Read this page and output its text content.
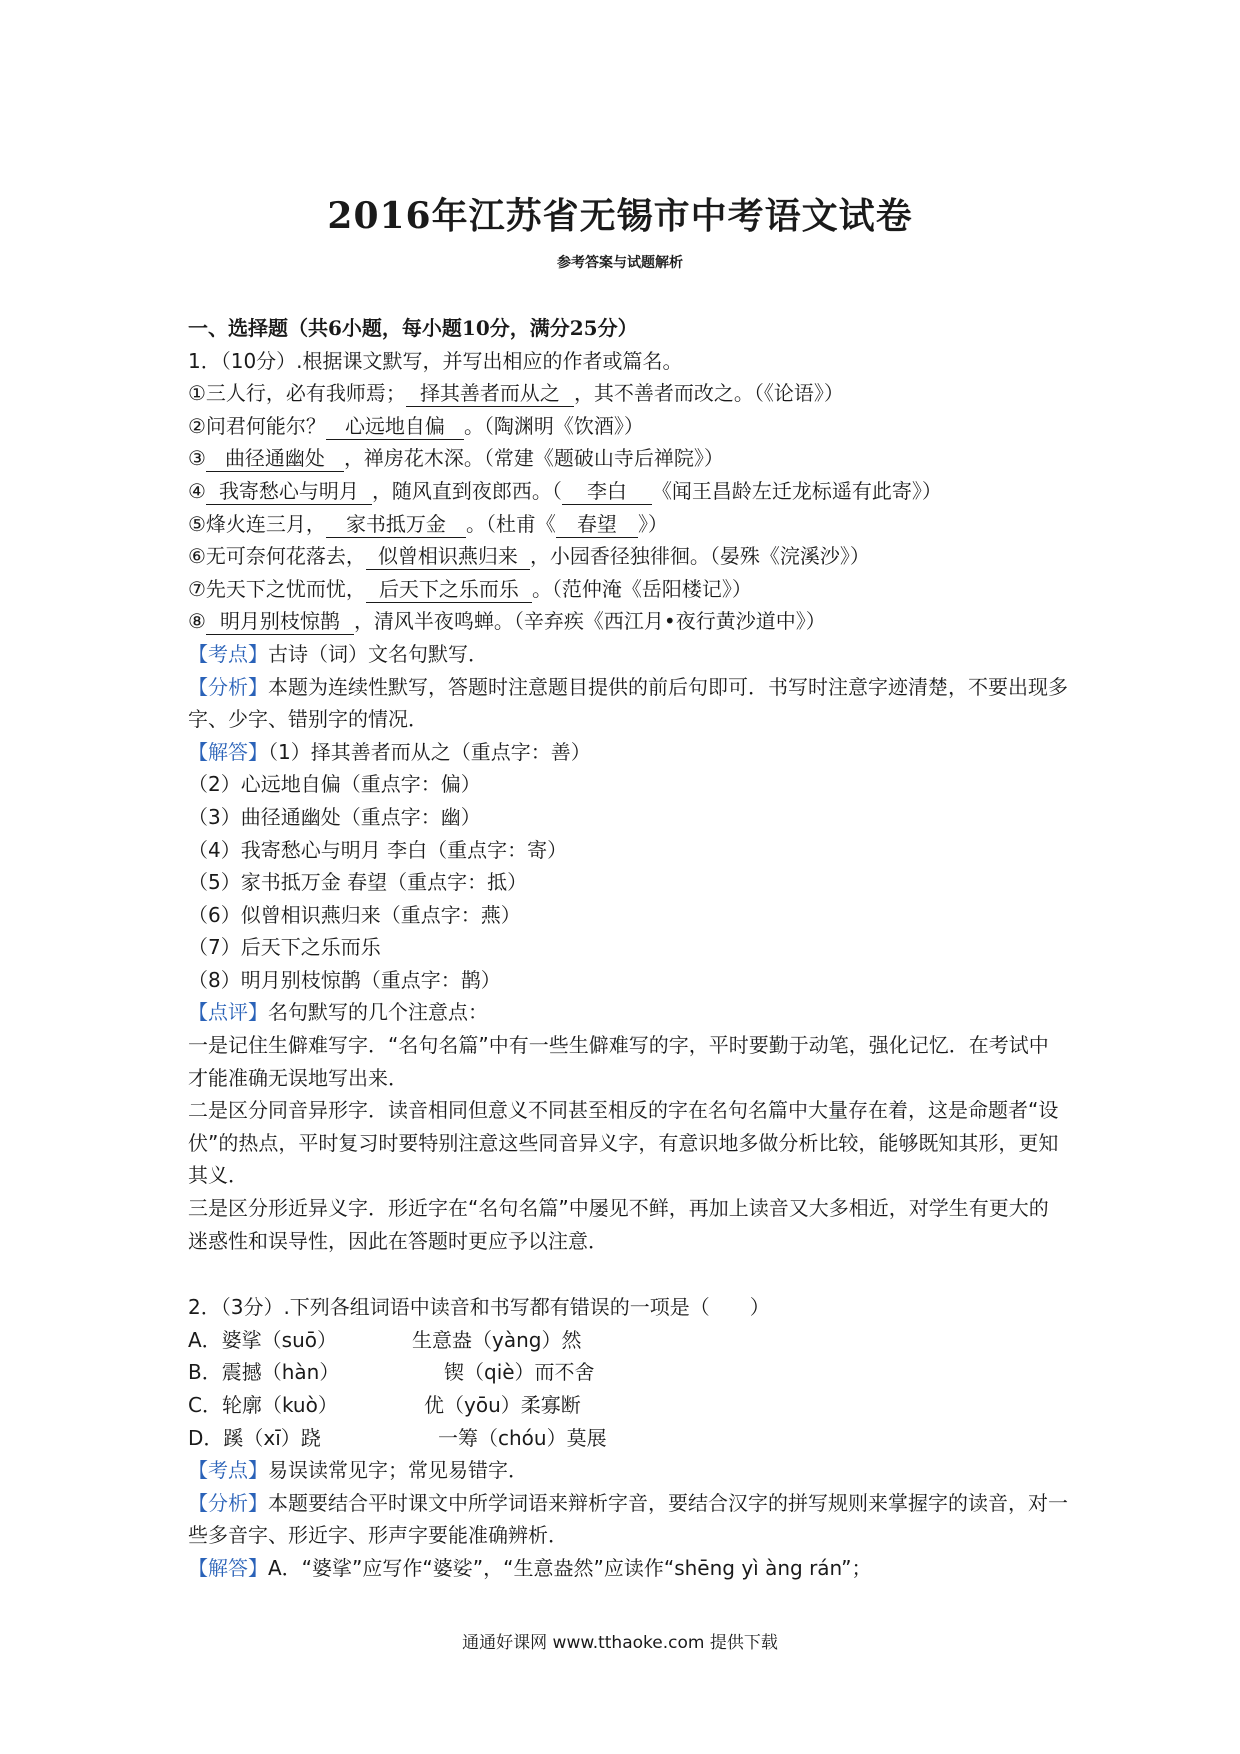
2016年江苏省无锡市中考语文试卷
参考答案与试题解析
一、选择题（共6小题，每小题10分，满分25分）
1．（10分）.根据课文默写，并写出相应的作者或篇名。
①三人行，必有我师焉； 择其善者而从之 ，其不善者而改之。（《论语》）
②问君何能尔？ 心远地自偏 。（陶渊明《饮酒》）
③ 曲径通幽处 ，禅房花木深。（常建《题破山寺后禅院》）
④ 我寄愁心与明月 ，随风直到夜郎西。（ 李白 《闻王昌龄左迁龙标遥有此寄》）
⑤烽火连三月， 家书抵万金 。（杜甫《 春望 》）
⑥无可奈何花落去， 似曾相识燕归来 ，小园香径独徘徊。（晏殊《浣溪沙》）
⑦先天下之忧而忧， 后天下之乐而乐 。（范仲淹《岳阳楼记》）
⑧ 明月别枝惊鹊 ，清风半夜鸣蝉。（辛弃疾《西江月•夜行黄沙道中》）
【考点】古诗（词）文名句默写．
【分析】本题为连续性默写，答题时注意题目提供的前后句即可．书写时注意字迹清楚，不要出现多字、少字、错别字的情况．
【解答】（1）择其善者而从之（重点字：善）
（2）心远地自偏（重点字：偏）
（3）曲径通幽处（重点字：幽）
（4）我寄愁心与明月 李白（重点字：寄）
（5）家书抵万金 春望（重点字：抵）
（6）似曾相识燕归来（重点字：燕）
（7）后天下之乐而乐
（8）明月别枝惊鹊（重点字：鹊）
【点评】名句默写的几个注意点：
一是记住生僻难写字．“名句名篇”中有一些生僻难写的字，平时要勤于动笔，强化记忆．在考试中才能准确无误地写出来．
二是区分同音异形字．读音相同但意义不同甚至相反的字在名句名篇中大量存在着，这是命题者“设伏”的热点，平时复习时要特别注意这些同音异义字，有意识地多做分析比较，能够既知其形，更知其义．
三是区分形近异义字．形近字在“名句名篇”中屡见不鲜，再加上读音又大多相近，对学生有更大的迷惑性和误导性，因此在答题时更应予以注意．
2．（3分）.下列各组词语中读音和书写都有错误的一项是（　　）
A．婆挲（suō）	生意盎（yàng）然
B．震撼（hàn）	锲（qiè）而不舍
C．轮廓（kuò）	优（yōu）柔寡断
D．蹊（xī）跷	一筹（chóu）莫展
【考点】易误读常见字；常见易错字．
【分析】本题要结合平时课文中所学词语来辩析字音，要结合汉字的拼写规则来掌握字的读音，对一些多音字、形近字、形声字要能准确辨析．
【解答】A．“婆挲”应写作“婆娑”，“生意盎然”应读作“shēng yì àng rán”；
通通好课网 www.tthaoke.com 提供下载
